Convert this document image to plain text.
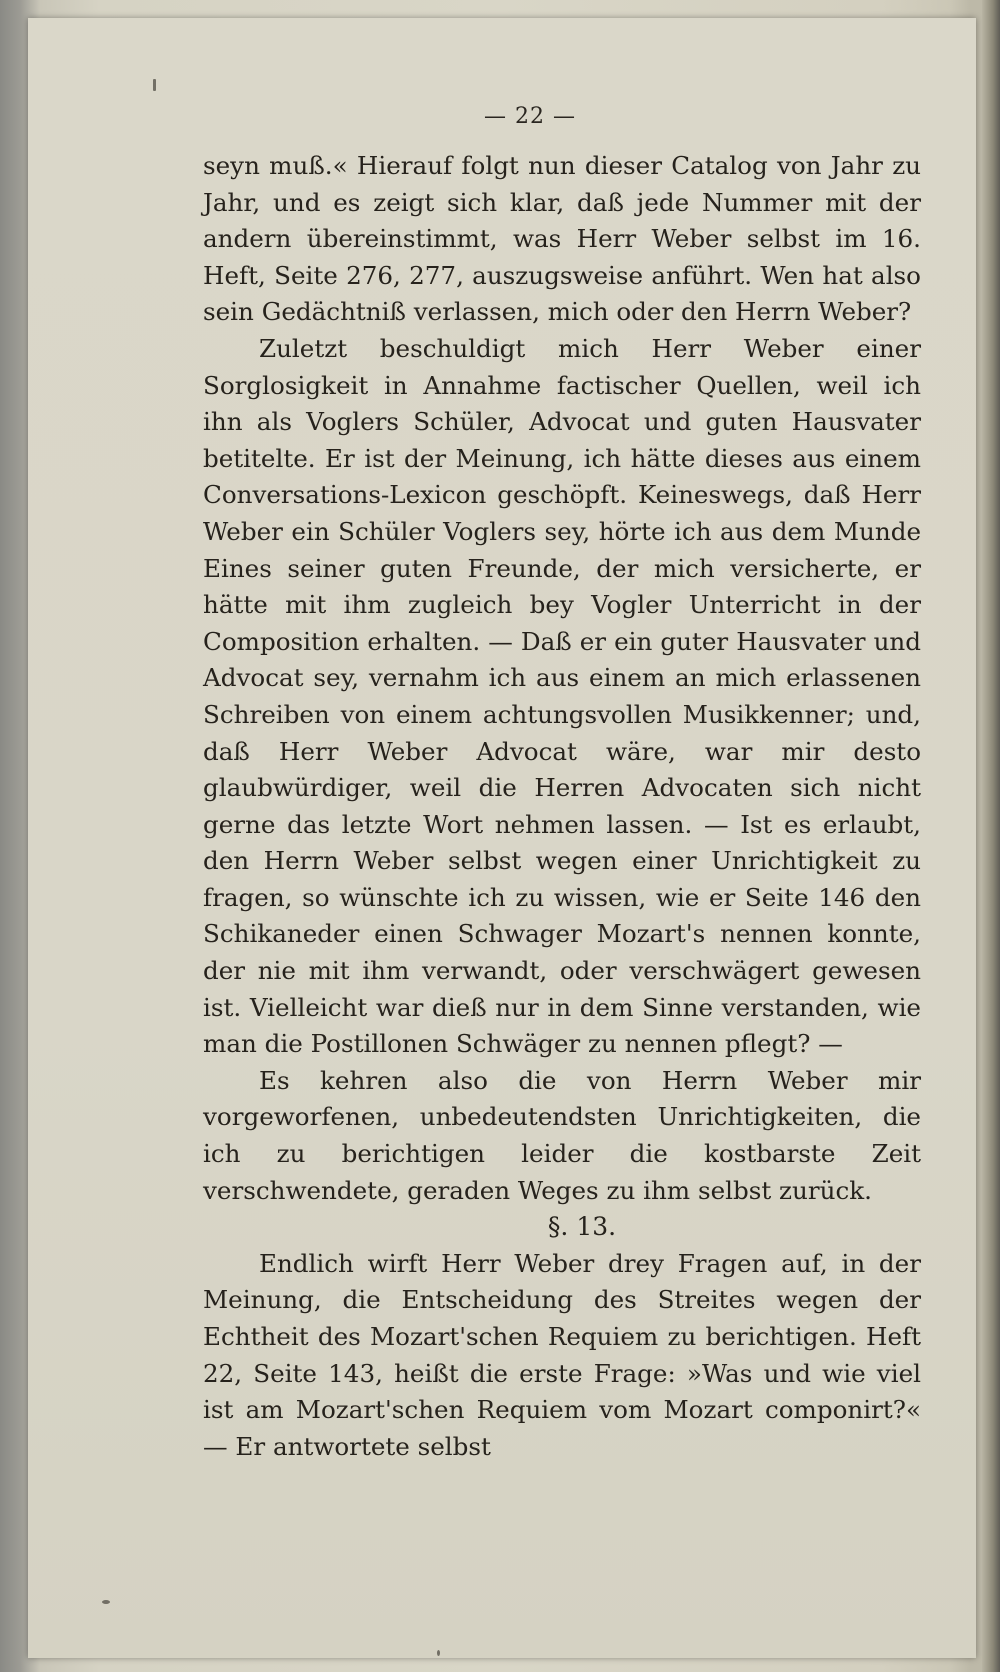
— 22 —

seyn muß.« Hierauf folgt nun dieser Catalog von Jahr zu Jahr, und es zeigt sich klar, daß jede Nummer mit der andern übereinstimmt, was Herr Weber selbst im 16. Heft, Seite 276, 277, auszugsweise anführt. Wen hat also sein Gedächtniß verlassen, mich oder den Herrn Weber?

Zuletzt beschuldigt mich Herr Weber einer Sorglosigkeit in Annahme factischer Quellen, weil ich ihn als Voglers Schüler, Advocat und guten Hausvater betitelte. Er ist der Meinung, ich hätte dieses aus einem Conversations-Lexicon geschöpft. Keineswegs, daß Herr Weber ein Schüler Voglers sey, hörte ich aus dem Munde Eines seiner guten Freunde, der mich versicherte, er hätte mit ihm zugleich bey Vogler Unterricht in der Composition erhalten. — Daß er ein guter Hausvater und Advocat sey, vernahm ich aus einem an mich erlassenen Schreiben von einem achtungsvollen Musikkenner; und, daß Herr Weber Advocat wäre, war mir desto glaubwürdiger, weil die Herren Advocaten sich nicht gerne das letzte Wort nehmen lassen. — Ist es erlaubt, den Herrn Weber selbst wegen einer Unrichtigkeit zu fragen, so wünschte ich zu wissen, wie er Seite 146 den Schikaneder einen Schwager Mozart's nennen konnte, der nie mit ihm verwandt, oder verschwägert gewesen ist. Vielleicht war dieß nur in dem Sinne verstanden, wie man die Postillonen Schwäger zu nennen pflegt? —

Es kehren also die von Herrn Weber mir vorgeworfenen, unbedeutendsten Unrichtigkeiten, die ich zu berichtigen leider die kostbarste Zeit verschwendete, geraden Weges zu ihm selbst zurück.

§. 13.

Endlich wirft Herr Weber drey Fragen auf, in der Meinung, die Entscheidung des Streites wegen der Echtheit des Mozart'schen Requiem zu berichtigen. Heft 22, Seite 143, heißt die erste Frage: »Was und wie viel ist am Mozart'schen Requiem vom Mozart componirt?« — Er antwortete selbst
